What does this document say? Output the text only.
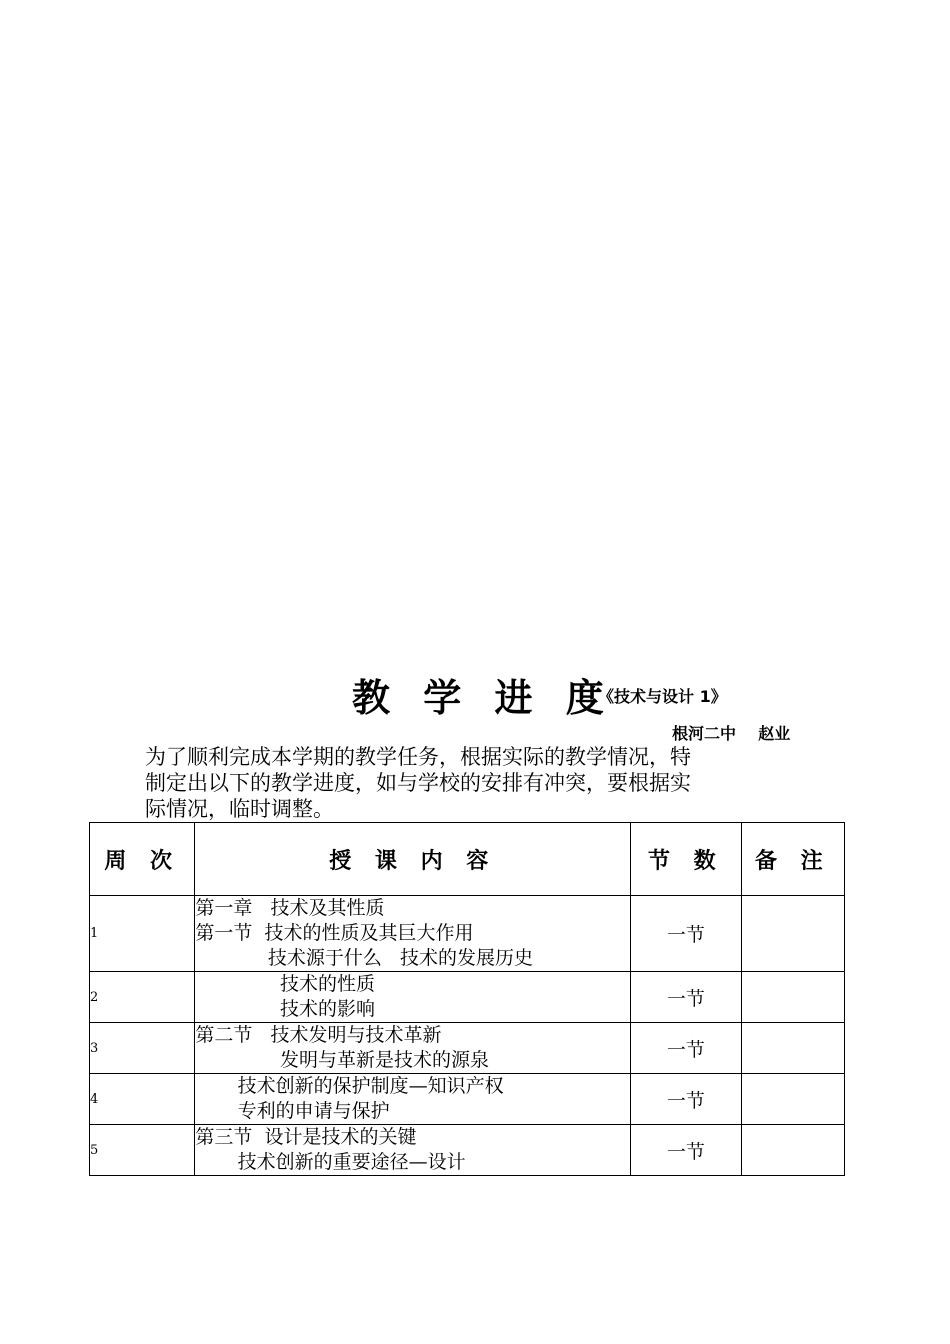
教 学 进 度
《技术与设计 1》
根河二中    赵业
为了顺利完成本学期的教学任务，根据实际的教学情况，特
制定出以下的教学进度，如与学校的安排有冲突，要根据实
际情况，临时调整。
周 次	授 课 内 容	节 数	备 注
1	第一章   技术及其性质
第一节  技术的性质及其巨大作用
技术源于什么   技术的发展历史	一节	
2	技术的性质
技术的影响	一节	
3	第二节   技术发明与技术革新
发明与革新是技术的源泉	一节	
4	技术创新的保护制度—知识产权
专利的申请与保护	一节	
5	第三节  设计是技术的关键
技术创新的重要途径—设计	一节	
